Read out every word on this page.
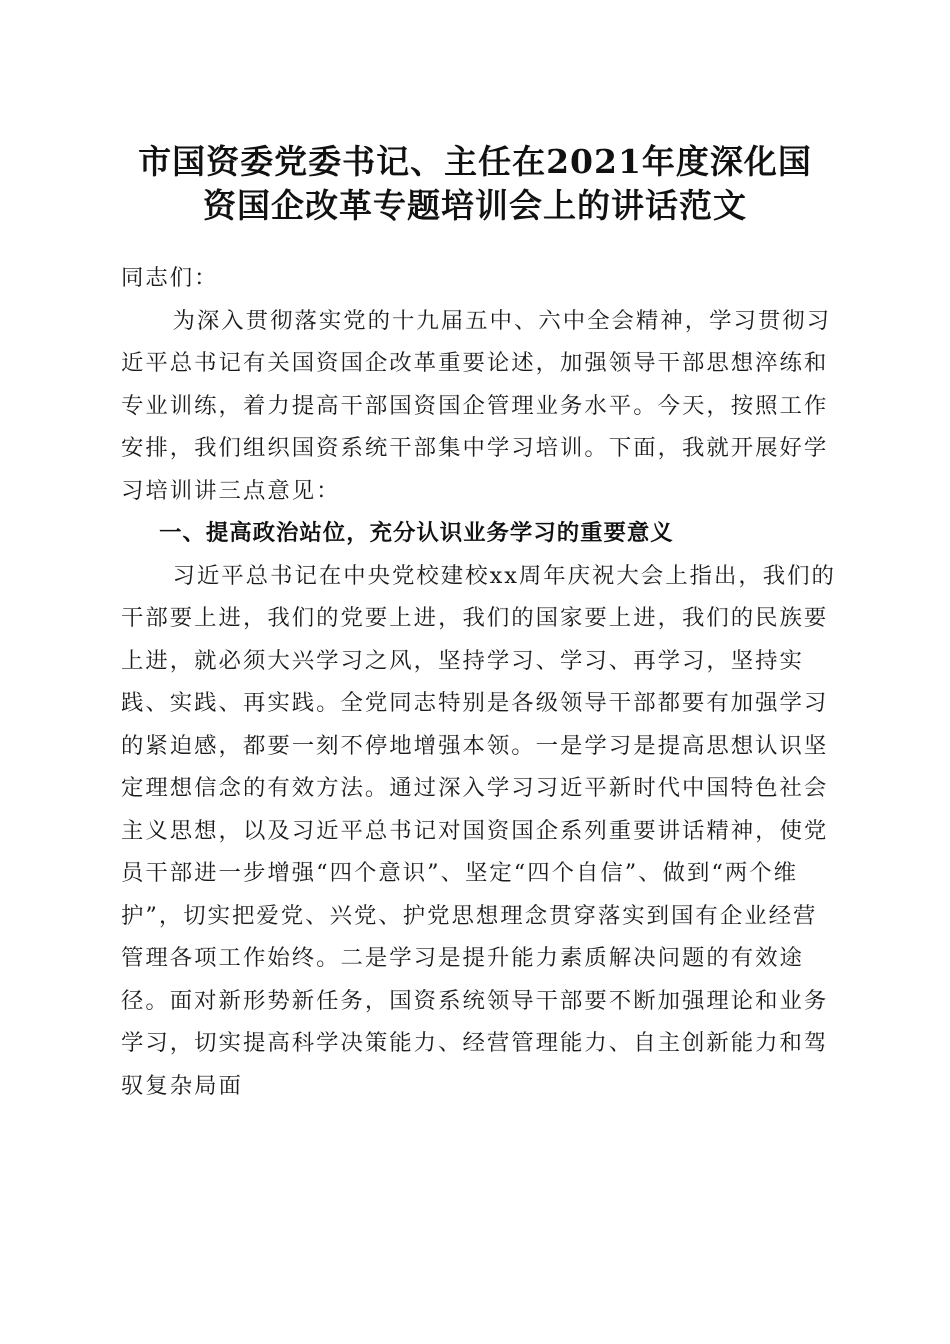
市国资委党委书记、主任在2021年度深化国
资国企改革专题培训会上的讲话范文

同志们：

为深入贯彻落实党的十九届五中、六中全会精神，学习贯彻习近平总书记有关国资国企改革重要论述，加强领导干部思想淬练和专业训练，着力提高干部国资国企管理业务水平。今天，按照工作安排，我们组织国资系统干部集中学习培训。下面，我就开展好学习培训讲三点意见：

一、提高政治站位，充分认识业务学习的重要意义

习近平总书记在中央党校建校xx周年庆祝大会上指出，我们的干部要上进，我们的党要上进，我们的国家要上进，我们的民族要上进，就必须大兴学习之风，坚持学习、学习、再学习，坚持实践、实践、再实践。全党同志特别是各级领导干部都要有加强学习的紧迫感，都要一刻不停地增强本领。一是学习是提高思想认识坚定理想信念的有效方法。通过深入学习习近平新时代中国特色社会主义思想，以及习近平总书记对国资国企系列重要讲话精神，使党员干部进一步增强“四个意识”、坚定“四个自信”、做到“两个维护”，切实把爱党、兴党、护党思想理念贯穿落实到国有企业经营管理各项工作始终。二是学习是提升能力素质解决问题的有效途径。面对新形势新任务，国资系统领导干部要不断加强理论和业务学习，切实提高科学决策能力、经营管理能力、自主创新能力和驾驭复杂局面
